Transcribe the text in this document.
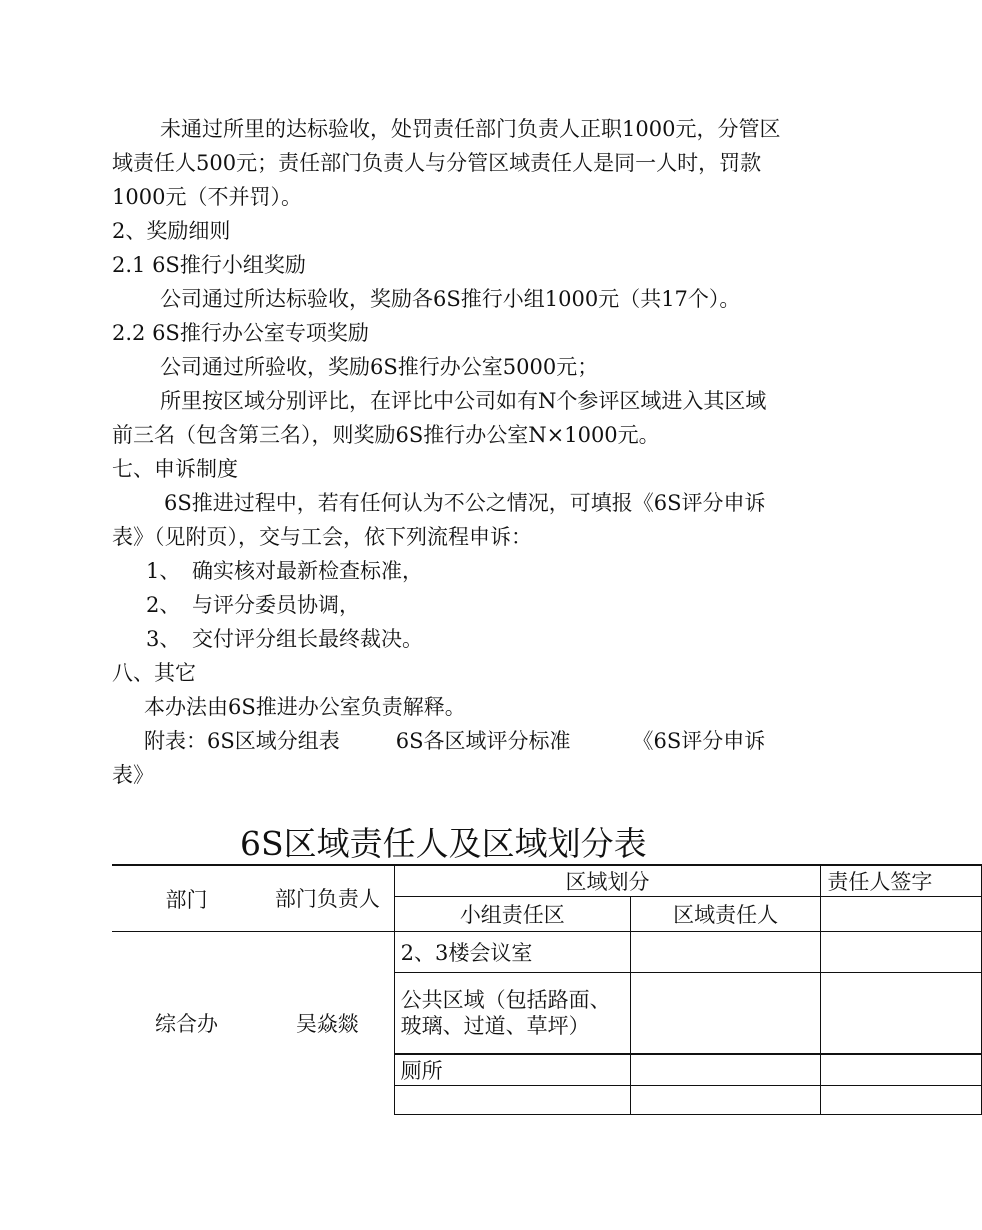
未通过所里的达标验收，处罚责任部门负责人正职1000元，分管区

域责任人500元；责任部门负责人与分管区域责任人是同一人时，罚款

1000元（不并罚）。

2、奖励细则

2.1 6S推行小组奖励

公司通过所达标验收，奖励各6S推行小组1000元（共17个）。

2.2 6S推行办公室专项奖励

公司通过所验收，奖励6S推行办公室5000元；

所里按区域分别评比，在评比中公司如有N个参评区域进入其区域

前三名（包含第三名），则奖励6S推行办公室N×1000元。

七、申诉制度

6S推进过程中，若有任何认为不公之情况，可填报《6S评分申诉

表》（见附页），交与工会，依下列流程申诉：

1、 确实核对最新检查标准，

2、 与评分委员协调，

3、 交付评分组长最终裁决。

八、其它

本办法由6S推进办公室负责解释。

附表：6S区域分组表	6S各区域评分标准	《6S评分申诉

表》

6S区域责任人及区域划分表
部门	部门负责人	区域划分		责任人签字
		小组责任区	区域责任人	
综合办	吴焱燚	2、3楼会议室		
		公共区域（包括路面、玻璃、过道、草坪）		
		厕所		
